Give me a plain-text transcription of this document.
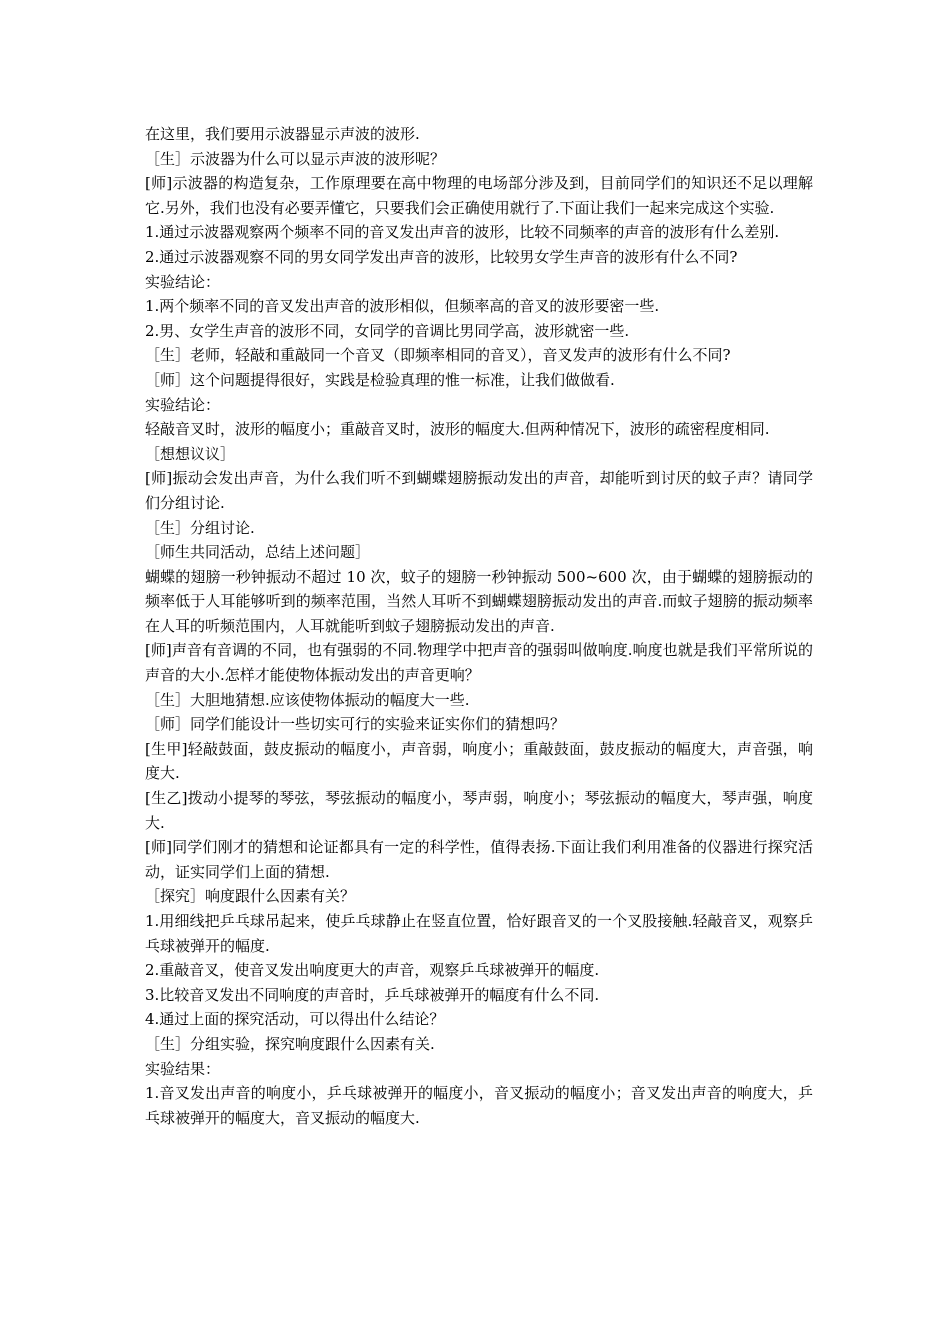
在这里，我们要用示波器显示声波的波形.

［生］示波器为什么可以显示声波的波形呢？

[师]示波器的构造复杂，工作原理要在高中物理的电场部分涉及到，目前同学们的知识还不足以理解它.另外，我们也没有必要弄懂它，只要我们会正确使用就行了.下面让我们一起来完成这个实验.

1.通过示波器观察两个频率不同的音叉发出声音的波形，比较不同频率的声音的波形有什么差别.

2.通过示波器观察不同的男女同学发出声音的波形，比较男女学生声音的波形有什么不同?

实验结论：

1.两个频率不同的音叉发出声音的波形相似，但频率高的音叉的波形要密一些.

2.男、女学生声音的波形不同，女同学的音调比男同学高，波形就密一些.

［生］老师，轻敲和重敲同一个音叉（即频率相同的音叉），音叉发声的波形有什么不同?

［师］这个问题提得很好，实践是检验真理的惟一标准，让我们做做看.

实验结论：

轻敲音叉时，波形的幅度小；重敲音叉时，波形的幅度大.但两种情况下，波形的疏密程度相同.

［想想议议］

[师]振动会发出声音，为什么我们听不到蝴蝶翅膀振动发出的声音，却能听到讨厌的蚊子声？请同学们分组讨论.

［生］分组讨论.

［师生共同活动，总结上述问题］

蝴蝶的翅膀一秒钟振动不超过 10 次，蚊子的翅膀一秒钟振动 500~600 次，由于蝴蝶的翅膀振动的频率低于人耳能够听到的频率范围，当然人耳听不到蝴蝶翅膀振动发出的声音.而蚊子翅膀的振动频率在人耳的听频范围内，人耳就能听到蚊子翅膀振动发出的声音.

[师]声音有音调的不同，也有强弱的不同.物理学中把声音的强弱叫做响度.响度也就是我们平常所说的声音的大小.怎样才能使物体振动发出的声音更响？

［生］大胆地猜想.应该使物体振动的幅度大一些.

［师］同学们能设计一些切实可行的实验来证实你们的猜想吗？

[生甲]轻敲鼓面，鼓皮振动的幅度小，声音弱，响度小；重敲鼓面，鼓皮振动的幅度大，声音强，响度大.

[生乙]拨动小提琴的琴弦，琴弦振动的幅度小，琴声弱，响度小；琴弦振动的幅度大，琴声强，响度大.

[师]同学们刚才的猜想和论证都具有一定的科学性，值得表扬.下面让我们利用准备的仪器进行探究活动，证实同学们上面的猜想.

［探究］响度跟什么因素有关？

1.用细线把乒乓球吊起来，使乒乓球静止在竖直位置，恰好跟音叉的一个叉股接触.轻敲音叉，观察乒乓球被弹开的幅度.

2.重敲音叉，使音叉发出响度更大的声音，观察乒乓球被弹开的幅度.

3.比较音叉发出不同响度的声音时，乒乓球被弹开的幅度有什么不同.

4.通过上面的探究活动，可以得出什么结论？

［生］分组实验，探究响度跟什么因素有关.

实验结果：

1.音叉发出声音的响度小，乒乓球被弹开的幅度小，音叉振动的幅度小；音叉发出声音的响度大，乒乓球被弹开的幅度大，音叉振动的幅度大.
